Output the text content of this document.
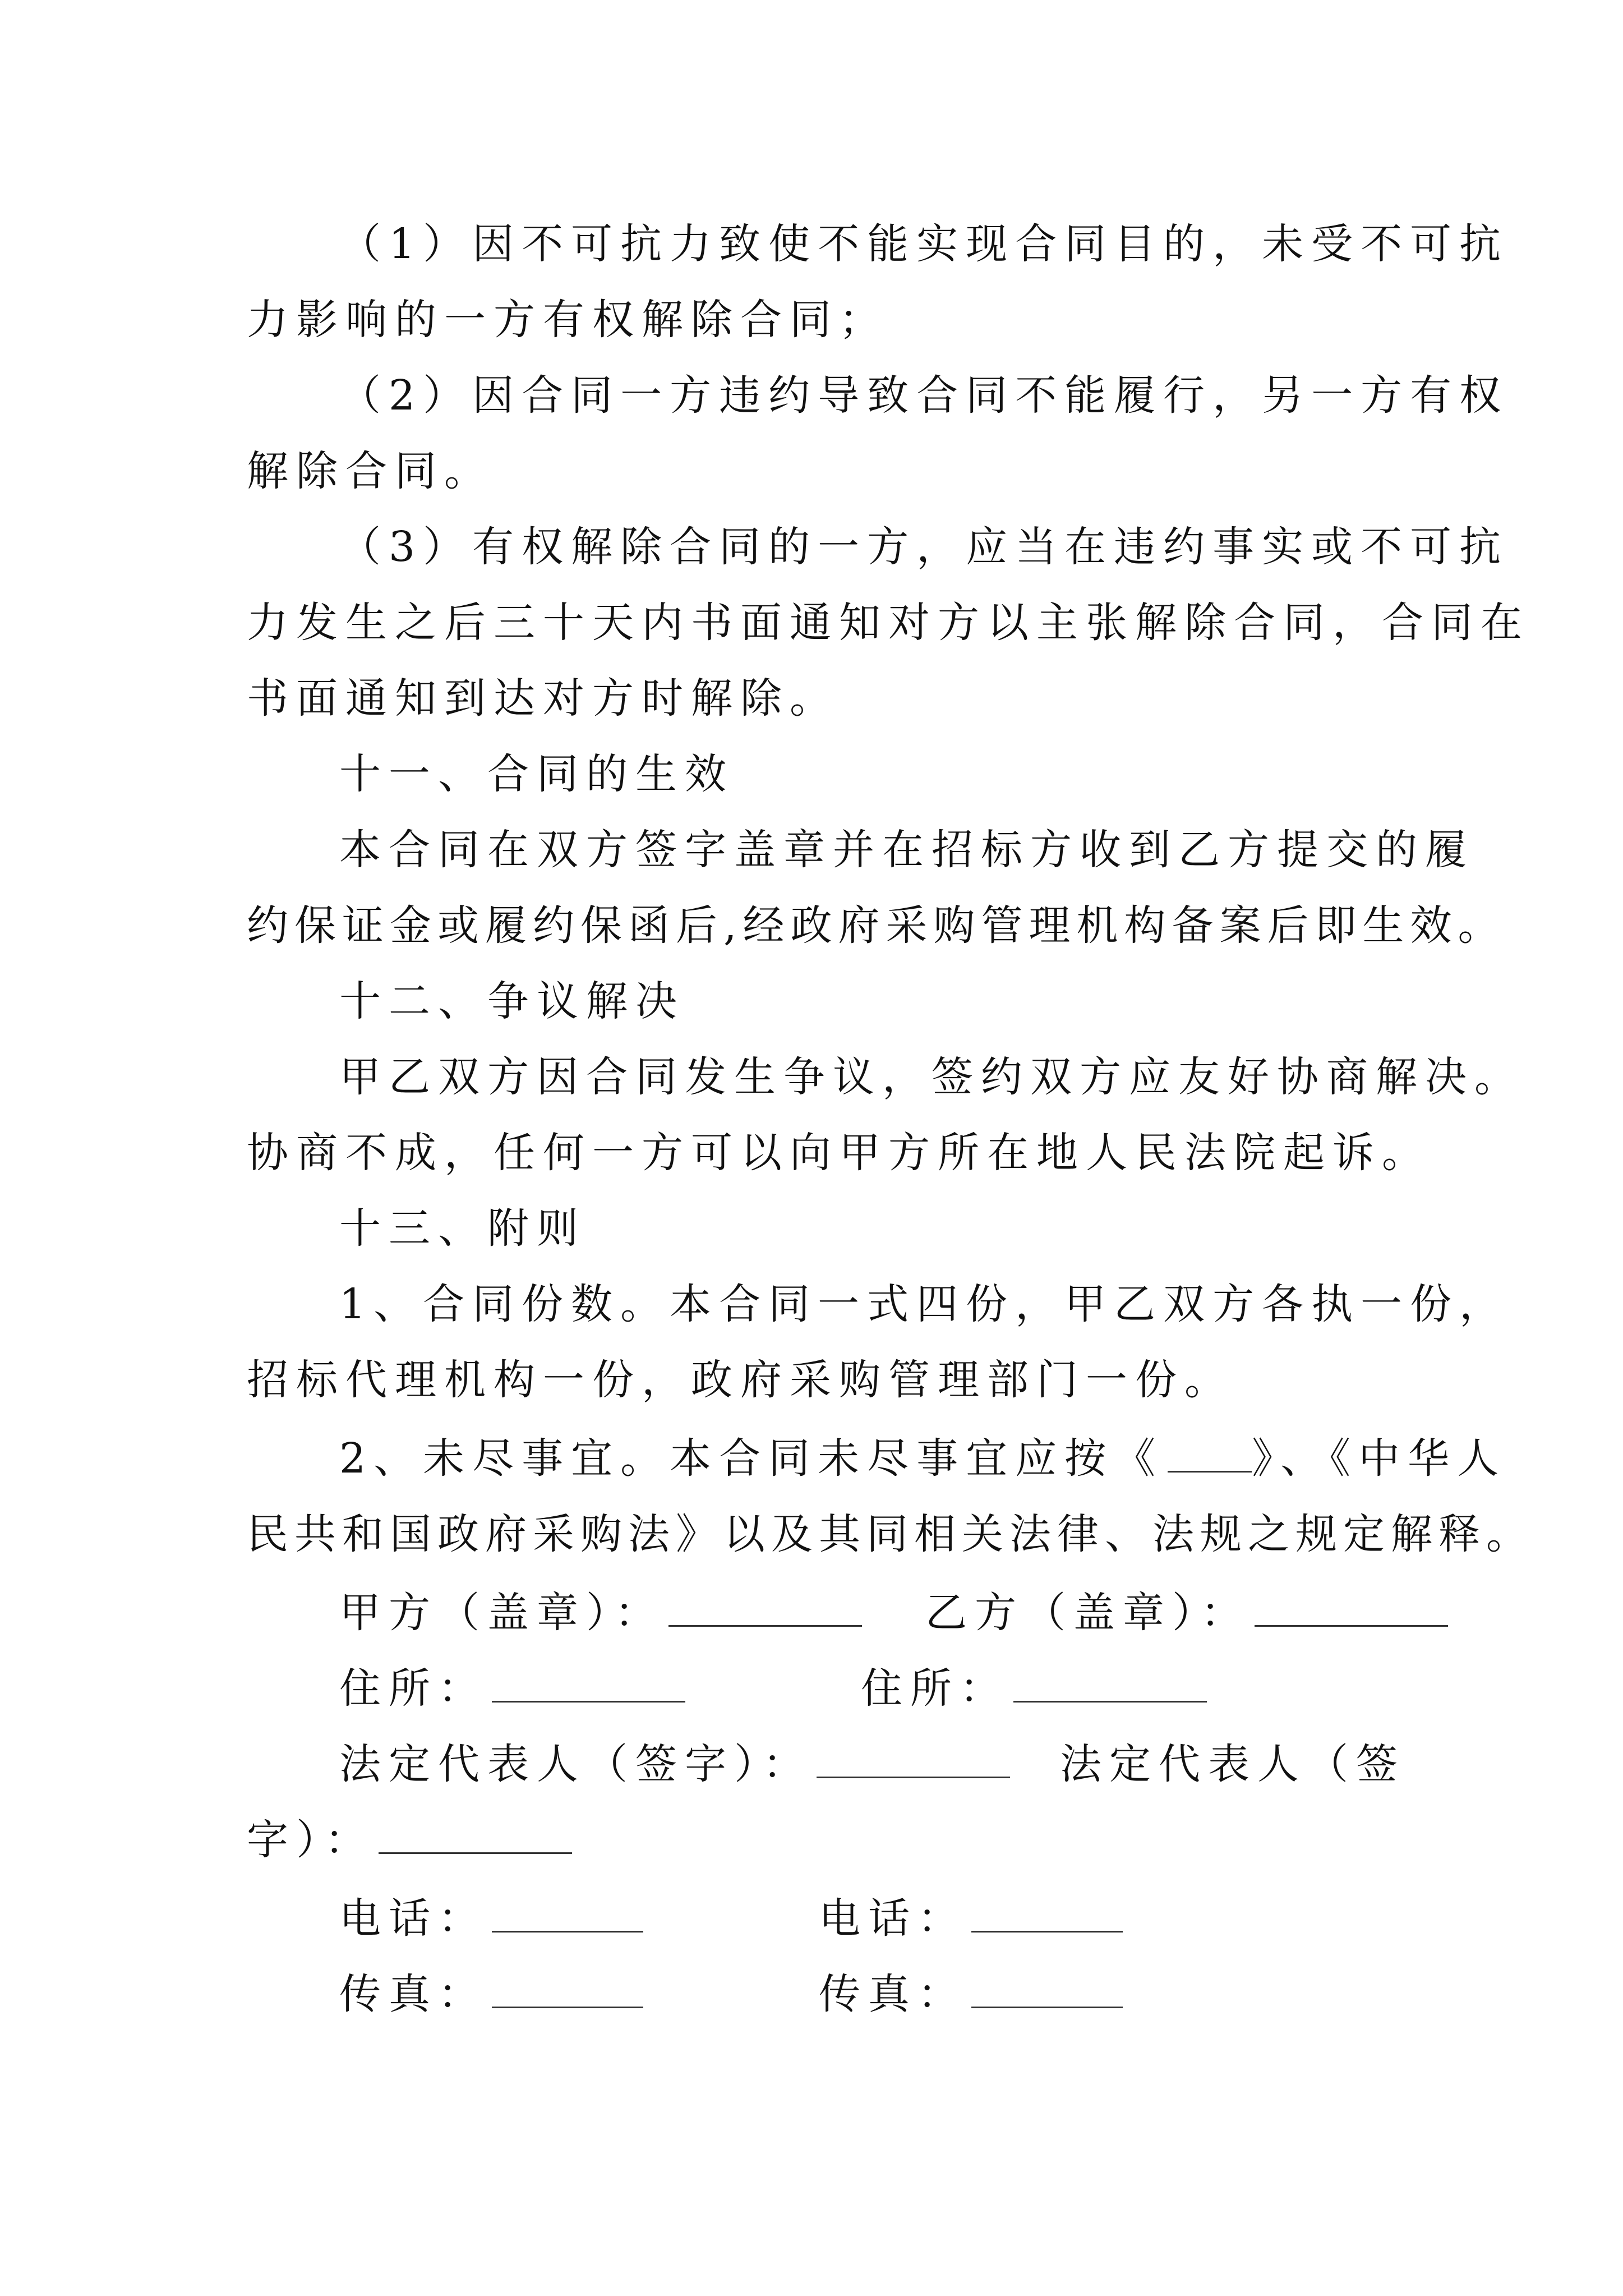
（1）因不可抗力致使不能实现合同目的，未受不可抗
力影响的一方有权解除合同；
（2）因合同一方违约导致合同不能履行，另一方有权
解除合同。
（3）有权解除合同的一方，应当在违约事实或不可抗
力发生之后三十天内书面通知对方以主张解除合同，合同在
书面通知到达对方时解除。
十一、合同的生效
本合同在双方签字盖章并在招标方收到乙方提交的履
约保证金或履约保函后,经政府采购管理机构备案后即生效。
十二、争议解决
甲乙双方因合同发生争议，签约双方应友好协商解决。
协商不成，任何一方可以向甲方所在地人民法院起诉。
十三、附则
1、合同份数。本合同一式四份，甲乙双方各执一份，
招标代理机构一份，政府采购管理部门一份。
2、未尽事宜。本合同未尽事宜应按《 》、《中华人
民共和国政府采购法》以及其同相关法律、法规之规定解释。
甲方（盖章）：	乙方（盖章）：
住所：	住所：
法定代表人（签字）：	法定代表人（签
字）：
电话：	电话：
传真：	传真：
